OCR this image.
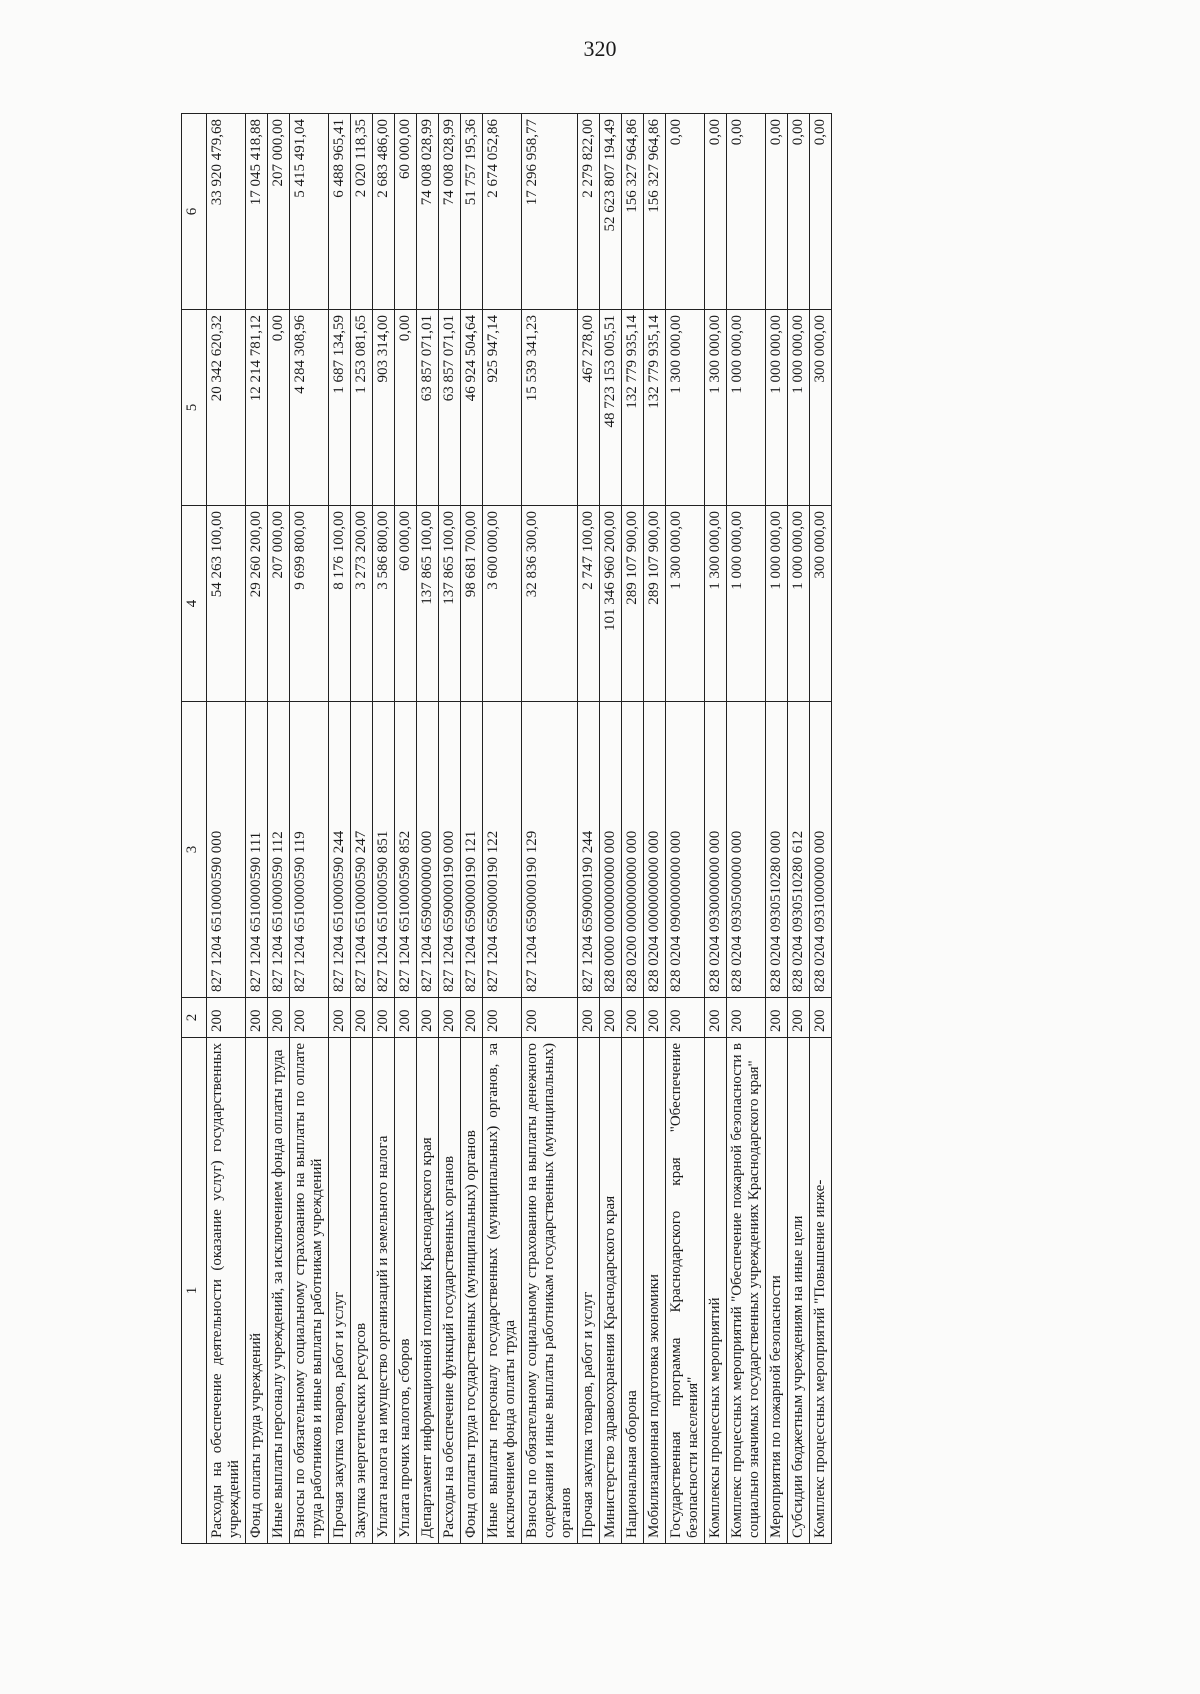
320
1	2	3	4	5	6
Расходы на обеспечение деятельности (оказание услуг) государственных учреждений	200	827 1204 6510000590 000	54 263 100,00	20 342 620,32	33 920 479,68
Фонд оплаты труда учреждений	200	827 1204 6510000590 111	29 260 200,00	12 214 781,12	17 045 418,88
Иные выплаты персоналу учреждений, за исключением фонда оплаты труда	200	827 1204 6510000590 112	207 000,00	0,00	207 000,00
Взносы по обязательному социальному страхованию на выплаты по оплате труда работников и иные выплаты работникам учреждений	200	827 1204 6510000590 119	9 699 800,00	4 284 308,96	5 415 491,04
Прочая закупка товаров, работ и услуг	200	827 1204 6510000590 244	8 176 100,00	1 687 134,59	6 488 965,41
Закупка энергетических ресурсов	200	827 1204 6510000590 247	3 273 200,00	1 253 081,65	2 020 118,35
Уплата налога на имущество организаций и земельного налога	200	827 1204 6510000590 851	3 586 800,00	903 314,00	2 683 486,00
Уплата прочих налогов, сборов	200	827 1204 6510000590 852	60 000,00	0,00	60 000,00
Департамент информационной политики Краснодарского края	200	827 1204 6590000000 000	137 865 100,00	63 857 071,01	74 008 028,99
Расходы на обеспечение функций государственных органов	200	827 1204 6590000190 000	137 865 100,00	63 857 071,01	74 008 028,99
Фонд оплаты труда государственных (муниципальных) органов	200	827 1204 6590000190 121	98 681 700,00	46 924 504,64	51 757 195,36
Иные выплаты персоналу государственных (муниципальных) органов, за исключением фонда оплаты труда	200	827 1204 6590000190 122	3 600 000,00	925 947,14	2 674 052,86
Взносы по обязательному социальному страхованию на выплаты денежного содержания и иные выплаты работникам государственных (муниципальных) органов	200	827 1204 6590000190 129	32 836 300,00	15 539 341,23	17 296 958,77
Прочая закупка товаров, работ и услуг	200	827 1204 6590000190 244	2 747 100,00	467 278,00	2 279 822,00
Министерство здравоохранения Краснодарского края	200	828 0000 0000000000 000	101 346 960 200,00	48 723 153 005,51	52 623 807 194,49
Национальная оборона	200	828 0200 0000000000 000	289 107 900,00	132 779 935,14	156 327 964,86
Мобилизационная подготовка экономики	200	828 0204 0000000000 000	289 107 900,00	132 779 935,14	156 327 964,86
Государственная программа Краснодарского края "Обеспечение безопасности населения"	200	828 0204 0900000000 000	1 300 000,00	1 300 000,00	0,00
Комплексы процессных мероприятий	200	828 0204 0930000000 000	1 300 000,00	1 300 000,00	0,00
Комплекс процессных мероприятий "Обеспечение пожарной безопасности в социально значимых государственных учреждениях Краснодарского края"	200	828 0204 0930500000 000	1 000 000,00	1 000 000,00	0,00
Мероприятия по пожарной безопасности	200	828 0204 0930510280 000	1 000 000,00	1 000 000,00	0,00
Субсидии бюджетным учреждениям на иные цели	200	828 0204 0930510280 612	1 000 000,00	1 000 000,00	0,00
Комплекс процессных мероприятий "Повышение инже-	200	828 0204 0931000000 000	300 000,00	300 000,00	0,00
